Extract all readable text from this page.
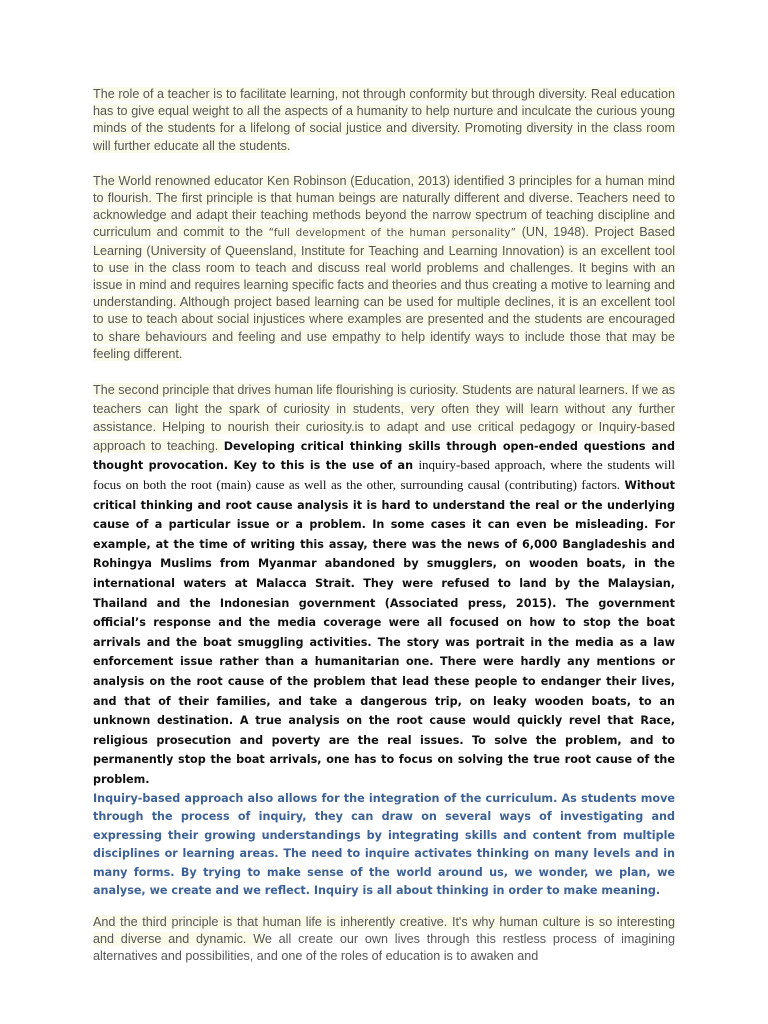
The role of a teacher is to facilitate learning, not through conformity but through diversity. Real education has to give equal weight to all the aspects of a humanity to help nurture and inculcate the curious young minds of the students for a lifelong of social justice and diversity. Promoting diversity in the class room will further educate all the students.

The World renowned educator Ken Robinson (Education, 2013) identified 3 principles for a human mind to flourish. The first principle is that human beings are naturally different and diverse. Teachers need to acknowledge and adapt their teaching methods beyond the narrow spectrum of teaching discipline and curriculum and commit to the “full development of the human personality” (UN, 1948). Project Based Learning (University of Queensland, Institute for Teaching and Learning Innovation) is an excellent tool to use in the class room to teach and discuss real world problems and challenges. It begins with an issue in mind and requires learning specific facts and theories and thus creating a motive to learning and understanding. Although project based learning can be used for multiple declines, it is an excellent tool to use to teach about social injustices where examples are presented and the students are encouraged to share behaviours and feeling and use empathy to help identify ways to include those that may be feeling different.

The second principle that drives human life flourishing is curiosity. Students are natural learners. If we as teachers can light the spark of curiosity in students, very often they will learn without any further assistance. Helping to nourish their curiosity.is to adapt and use critical pedagogy or Inquiry-based approach to teaching. Developing critical thinking skills through open-ended questions and thought provocation. Key to this is the use of an inquiry-based approach, where the students will focus on both the root (main) cause as well as the other, surrounding causal (contributing) factors. Without critical thinking and root cause analysis it is hard to understand the real or the underlying cause of a particular issue or a problem. In some cases it can even be misleading. For example, at the time of writing this assay, there was the news of 6,000 Bangladeshis and Rohingya Muslims from Myanmar abandoned by smugglers, on wooden boats, in the international waters at Malacca Strait. They were refused to land by the Malaysian, Thailand and the Indonesian government (Associated press, 2015). The government official’s response and the media coverage were all focused on how to stop the boat arrivals and the boat smuggling activities. The story was portrait in the media as a law enforcement issue rather than a humanitarian one. There were hardly any mentions or analysis on the root cause of the problem that lead these people to endanger their lives, and that of their families, and take a dangerous trip, on leaky wooden boats, to an unknown destination. A true analysis on the root cause would quickly revel that Race, religious prosecution and poverty are the real issues. To solve the problem, and to permanently stop the boat arrivals, one has to focus on solving the true root cause of the problem.

Inquiry-based approach also allows for the integration of the curriculum. As students move through the process of inquiry, they can draw on several ways of investigating and expressing their growing understandings by integrating skills and content from multiple disciplines or learning areas. The need to inquire activates thinking on many levels and in many forms. By trying to make sense of the world around us, we wonder, we plan, we analyse, we create and we reflect. Inquiry is all about thinking in order to make meaning.

And the third principle is that human life is inherently creative. It's why human culture is so interesting and diverse and dynamic. We all create our own lives through this restless process of imagining alternatives and possibilities, and one of the roles of education is to awaken and
